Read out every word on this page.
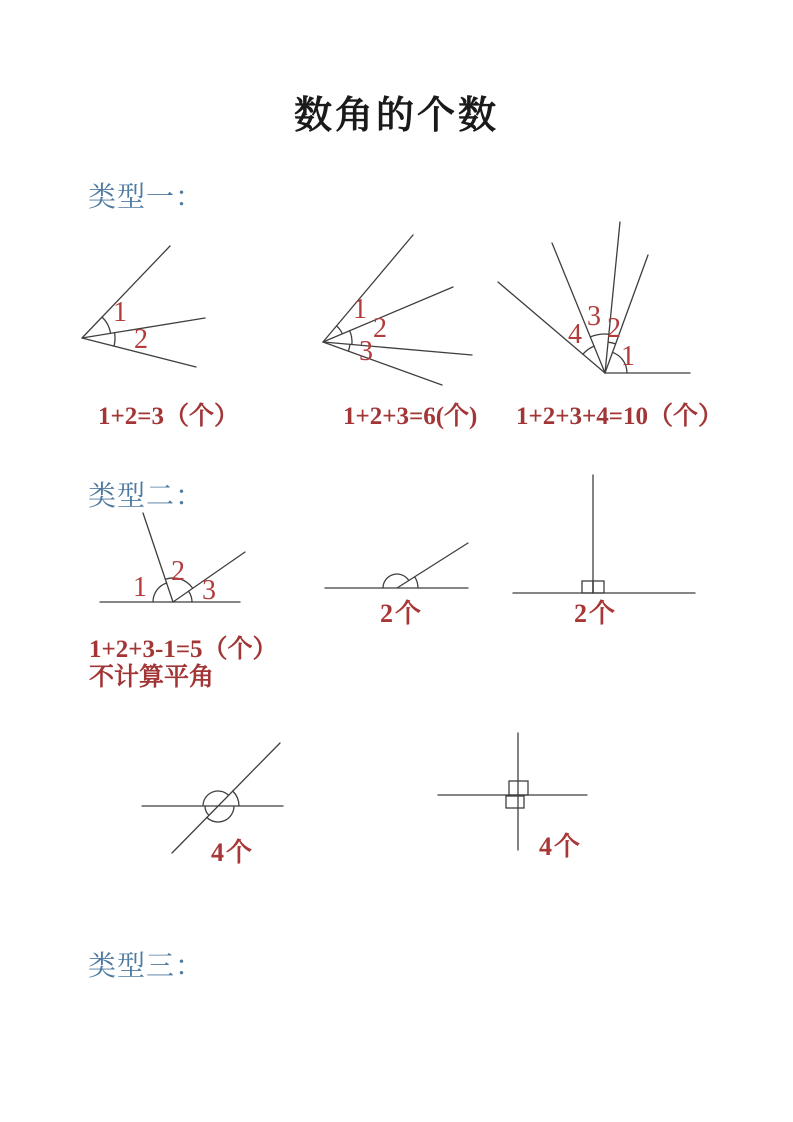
数角的个数
类型一：
1
2
1
2
3
4
3 2
1
1+2=3（个）	1+2+3=6(个) 1+2+3+4=10（个）
类型二：
1
2
3
2个	2个
1+2+3-1=5（个）
不计算平角
4个	4个
类型三：
